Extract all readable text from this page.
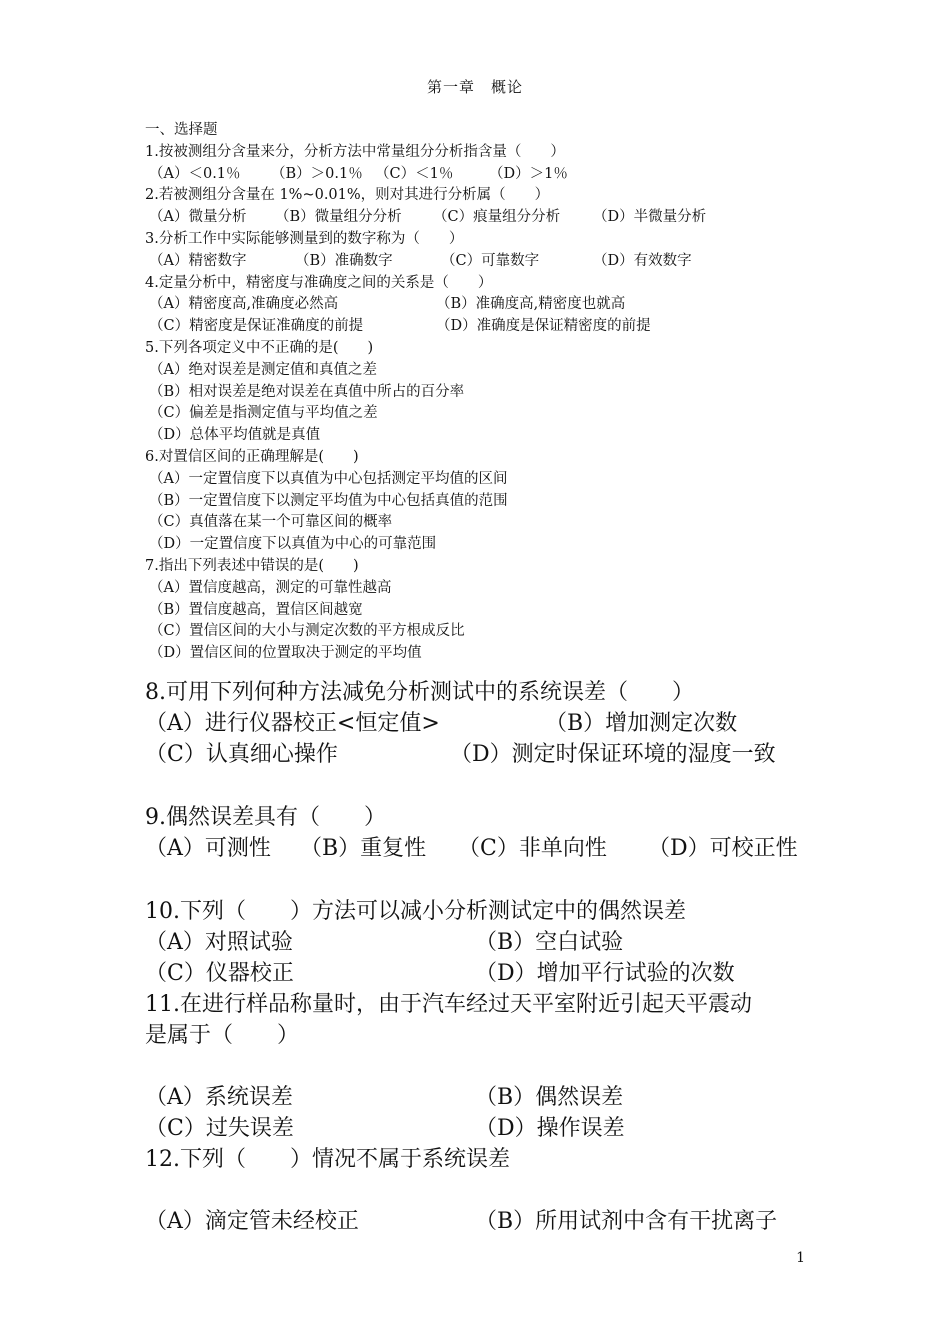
第一章　概论
一、选择题
1.按被测组分含量来分，分析方法中常量组分分析指含量（　　）
（A）＜0.1％	（B）＞0.1％ （C）＜1％	（D）＞1％
2.若被测组分含量在 1%~0.01%，则对其进行分析属（　　）
（A）微量分析	（B）微量组分分析	（C）痕量组分分析	（D）半微量分析
3.分析工作中实际能够测量到的数字称为（　　）
（A）精密数字	（B）准确数字	（C）可靠数字	（D）有效数字
4.定量分析中，精密度与准确度之间的关系是（　　）
（A）精密度高,准确度必然高	（B）准确度高,精密度也就高
（C）精密度是保证准确度的前提	（D）准确度是保证精密度的前提
5.下列各项定义中不正确的是(　　)
（A）绝对误差是测定值和真值之差
（B）相对误差是绝对误差在真值中所占的百分率
（C）偏差是指测定值与平均值之差
（D）总体平均值就是真值
6.对置信区间的正确理解是(　　)
（A）一定置信度下以真值为中心包括测定平均值的区间
（B）一定置信度下以测定平均值为中心包括真值的范围
（C）真值落在某一个可靠区间的概率
（D）一定置信度下以真值为中心的可靠范围
7.指出下列表述中错误的是(　　)
（A）置信度越高，测定的可靠性越高
（B）置信度越高，置信区间越宽
（C）置信区间的大小与测定次数的平方根成反比
（D）置信区间的位置取决于测定的平均值
8.可用下列何种方法减免分析测试中的系统误差（　　）
（A）进行仪器校正<恒定值>	（B）增加测定次数
（C）认真细心操作	（D）测定时保证环境的湿度一致
9.偶然误差具有（　　）
（A）可测性	（B）重复性	（C）非单向性	（D）可校正性
10.下列（　　）方法可以减小分析测试定中的偶然误差
（A）对照试验	（B）空白试验
（C）仪器校正	（D）增加平行试验的次数
11.在进行样品称量时，由于汽车经过天平室附近引起天平震动
是属于（　　）
（A）系统误差	（B）偶然误差
（C）过失误差	（D）操作误差
12.下列（　　）情况不属于系统误差
（A）滴定管未经校正	（B）所用试剂中含有干扰离子
1
